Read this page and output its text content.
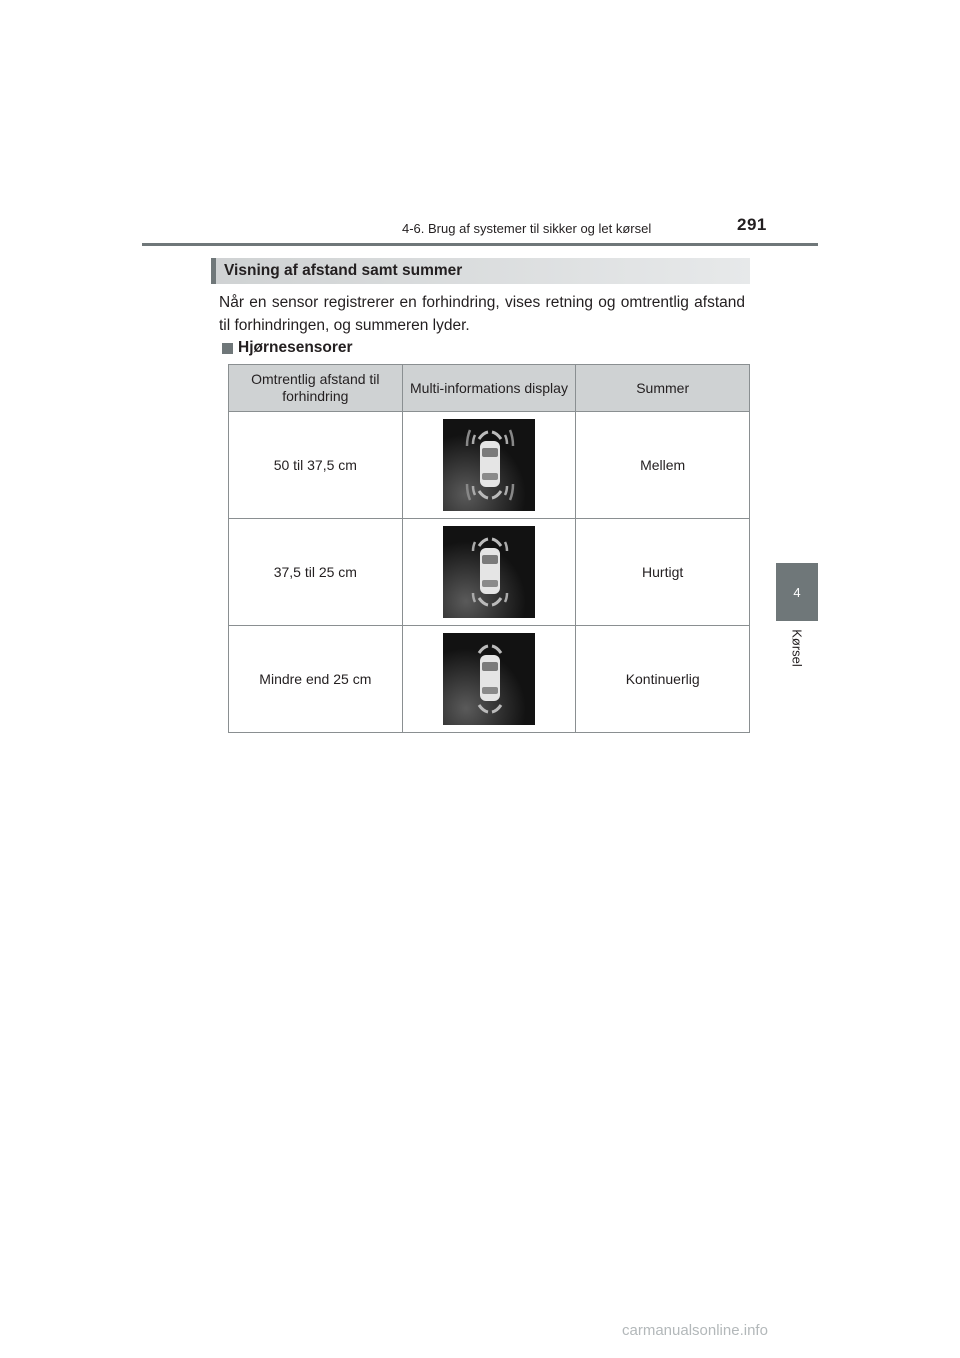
4-6. Brug af systemer til sikker og let kørsel	291
Visning af afstand samt summer

Når en sensor registrerer en forhindring, vises retning og omtrentlig afstand til forhindringen, og summeren lyder.

Hjørnesensorer
Omtrentlig afstand til forhindring	Multi-informations display	Summer
50 til 37,5 cm		Mellem
37,5 til 25 cm		Hurtigt
Mindre end 25 cm		Kontinuerlig
4
Kørsel
carmanualsonline.info
